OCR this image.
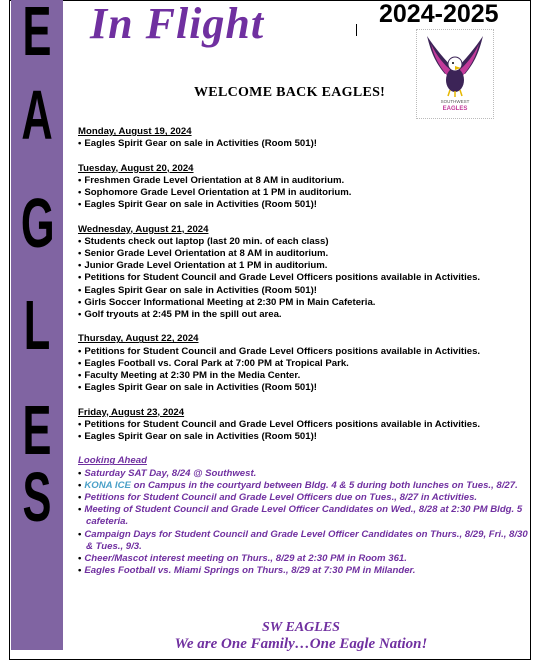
E
A
G
L
E
S
In Flight	2024-2025
SOUTHWEST
EAGLES
WELCOME BACK EAGLES!
Monday, August 19, 2024
• Eagles Spirit Gear on sale in Activities (Room 501)!
Tuesday, August 20, 2024
• Freshmen Grade Level Orientation at 8 AM in auditorium.
• Sophomore Grade Level Orientation at 1 PM in auditorium.
• Eagles Spirit Gear on sale in Activities (Room 501)!
Wednesday, August 21, 2024
• Students check out laptop (last 20 min. of each class)
• Senior Grade Level Orientation at 8 AM in auditorium.
• Junior Grade Level Orientation at 1 PM in auditorium.
• Petitions for Student Council and Grade Level Officers positions available in Activities.
• Eagles Spirit Gear on sale in Activities (Room 501)!
• Girls Soccer Informational Meeting at 2:30 PM in Main Cafeteria.
• Golf tryouts at 2:45 PM in the spill out area.
Thursday, August 22, 2024
• Petitions for Student Council and Grade Level Officers positions available in Activities.
• Eagles Football vs. Coral Park at 7:00 PM at Tropical Park.
• Faculty Meeting at 2:30 PM in the Media Center.
• Eagles Spirit Gear on sale in Activities (Room 501)!
Friday, August 23, 2024
• Petitions for Student Council and Grade Level Officers positions available in Activities.
• Eagles Spirit Gear on sale in Activities (Room 501)!
Looking Ahead
• Saturday SAT Day, 8/24 @ Southwest.
• KONA ICE on Campus in the courtyard between Bldg. 4 & 5 during both lunches on Tues., 8/27.
• Petitions for Student Council and Grade Level Officers due on Tues., 8/27 in Activities.
• Meeting of Student Council and Grade Level Officer Candidates on Wed., 8/28 at 2:30 PM Bldg. 5 cafeteria.
• Campaign Days for Student Council and Grade Level Officer Candidates on Thurs., 8/29, Fri., 8/30 & Tues., 9/3.
• Cheer/Mascot interest meeting on Thurs., 8/29 at 2:30 PM in Room 361.
• Eagles Football vs. Miami Springs on Thurs., 8/29 at 7:30 PM in Milander.
SW EAGLES
We are One Family…One Eagle Nation!
